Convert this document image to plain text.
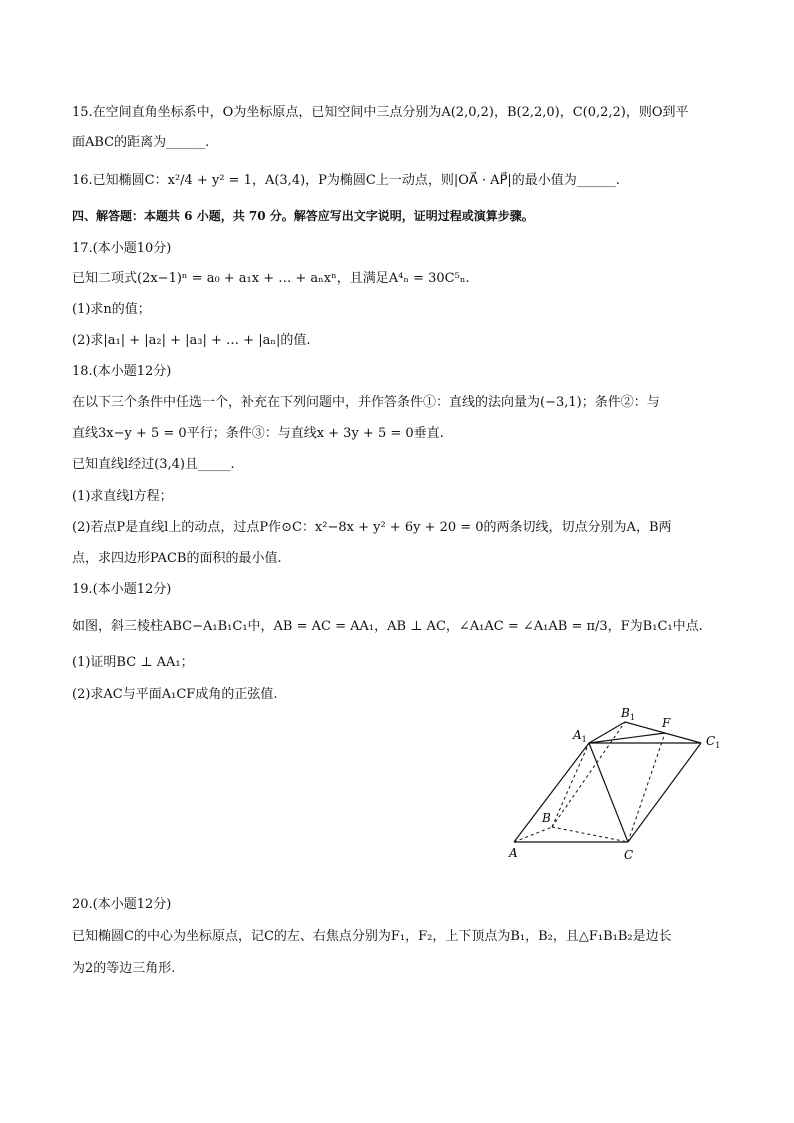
15.在空间直角坐标系中，O为坐标原点，已知空间中三点分别为A(2,0,2)，B(2,2,0)，C(0,2,2)，则O到平
面ABC的距离为______.
16.已知椭圆C：x²/4 + y² = 1，A(3,4)，P为椭圆C上一动点，则|OA⃗ · AP⃗|的最小值为______.
四、解答题：本题共 6 小题，共 70 分。解答应写出文字说明，证明过程或演算步骤。
17.(本小题10分)
已知二项式(2x−1)ⁿ = a₀ + a₁x + … + aₙxⁿ，且满足A⁴ₙ = 30C⁵ₙ.
(1)求n的值；
(2)求|a₁| + |a₂| + |a₃| + … + |aₙ|的值.
18.(本小题12分)
在以下三个条件中任选一个，补充在下列问题中，并作答条件①：直线的法向量为(−3,1)；条件②：与
直线3x−y + 5 = 0平行；条件③：与直线x + 3y + 5 = 0垂直.
已知直线l经过(3,4)且_____.
(1)求直线l方程；
(2)若点P是直线l上的动点，过点P作⊙C：x²−8x + y² + 6y + 20 = 0的两条切线，切点分别为A，B两
点，求四边形PACB的面积的最小值.
19.(本小题12分)
如图，斜三棱柱ABC−A₁B₁C₁中，AB = AC = AA₁，AB ⊥ AC，∠A₁AC = ∠A₁AB = π/3，F为B₁C₁中点.
(1)证明BC ⊥ AA₁；
(2)求AC与平面A₁CF成角的正弦值.
$A_1$
$B_1$ F
$C_1$
B
A	C
20.(本小题12分)
已知椭圆C的中心为坐标原点，记C的左、右焦点分别为F₁，F₂，上下顶点为B₁，B₂，且△F₁B₁B₂是边长
为2的等边三角形.
